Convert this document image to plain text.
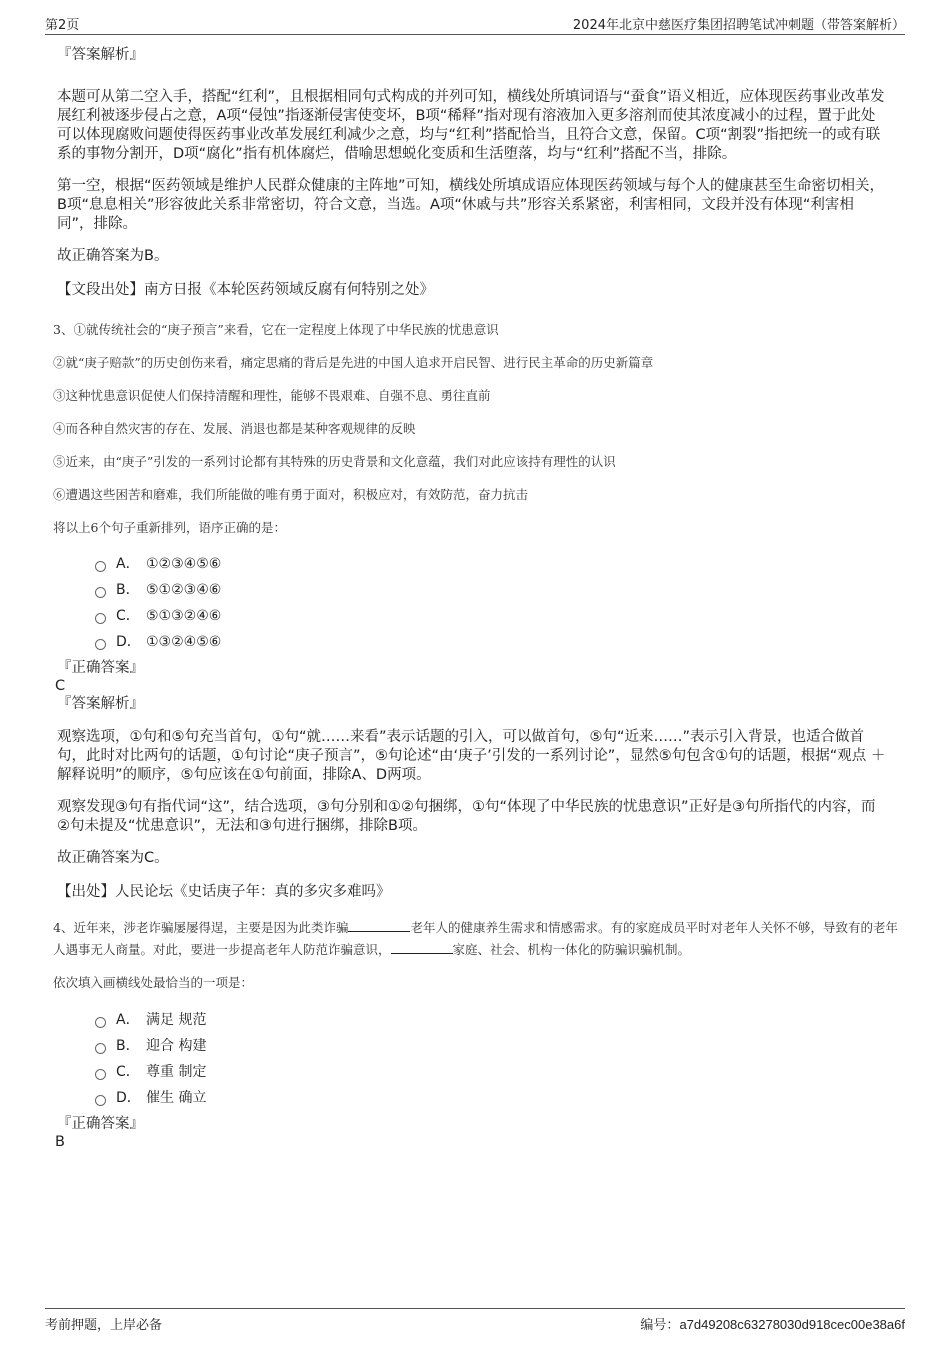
第2页	2024年北京中慈医疗集团招聘笔试冲刺题（带答案解析）
『答案解析』

本题可从第二空入手，搭配“红利”，且根据相同句式构成的并列可知，横线处所填词语与“蚕食”语义相近，应体现医药事业改革发展红利被逐步侵占之意，A项“侵蚀”指逐渐侵害使变坏，B项“稀释”指对现有溶液加入更多溶剂而使其浓度减小的过程，置于此处可以体现腐败问题使得医药事业改革发展红利减少之意，均与“红利”搭配恰当，且符合文意，保留。C项“割裂”指把统一的或有联系的事物分割开，D项“腐化”指有机体腐烂，借喻思想蜕化变质和生活堕落，均与“红利”搭配不当，排除。

第一空，根据“医药领域是维护人民群众健康的主阵地”可知，横线处所填成语应体现医药领域与每个人的健康甚至生命密切相关，B项“息息相关”形容彼此关系非常密切，符合文意，当选。A项“休戚与共”形容关系紧密，利害相同，文段并没有体现“利害相同”，排除。

故正确答案为B。

【文段出处】南方日报《本轮医药领域反腐有何特别之处》

3、①就传统社会的“庚子预言”来看，它在一定程度上体现了中华民族的忧患意识

②就“庚子赔款”的历史创伤来看，痛定思痛的背后是先进的中国人追求开启民智、进行民主革命的历史新篇章

③这种忧患意识促使人们保持清醒和理性，能够不畏艰难、自强不息、勇往直前

④而各种自然灾害的存在、发展、消退也都是某种客观规律的反映

⑤近来，由“庚子”引发的一系列讨论都有其特殊的历史背景和文化意蕴，我们对此应该持有理性的认识

⑥遭遇这些困苦和磨难，我们所能做的唯有勇于面对，积极应对，有效防范，奋力抗击

将以上6个句子重新排列，语序正确的是：

A． ①②③④⑤⑥
B． ⑤①②③④⑥
C． ⑤①③②④⑥
D． ①③②④⑤⑥
『正确答案』
C
『答案解析』

观察选项，①句和⑤句充当首句，①句“就……来看”表示话题的引入，可以做首句，⑤句“近来……”表示引入背景，也适合做首句，此时对比两句的话题，①句讨论“庚子预言”，⑤句论述“由‘庚子’引发的一系列讨论”，显然⑤句包含①句的话题，根据“观点 ＋ 解释说明”的顺序，⑤句应该在①句前面，排除A、D两项。

观察发现③句有指代词“这”，结合选项，③句分别和①②句捆绑，①句“体现了中华民族的忧患意识”正好是③句所指代的内容，而②句未提及“忧患意识”，无法和③句进行捆绑，排除B项。

故正确答案为C。

【出处】人民论坛《史话庚子年：真的多灾多难吗》

4、近年来，涉老诈骗屡屡得逞，主要是因为此类诈骗	老年人的健康养生需求和情感需求。有的家庭成员平时对老年人关怀不够，导致有的老年人遇事无人商量。对此，要进一步提高老年人防范诈骗意识，	家庭、社会、机构一体化的防骗识骗机制。

依次填入画横线处最恰当的一项是：

A． 满足 规范
B． 迎合 构建
C． 尊重 制定
D． 催生 确立
『正确答案』
B
考前押题，上岸必备	编号：a7d49208c63278030d918cec00e38a6f
